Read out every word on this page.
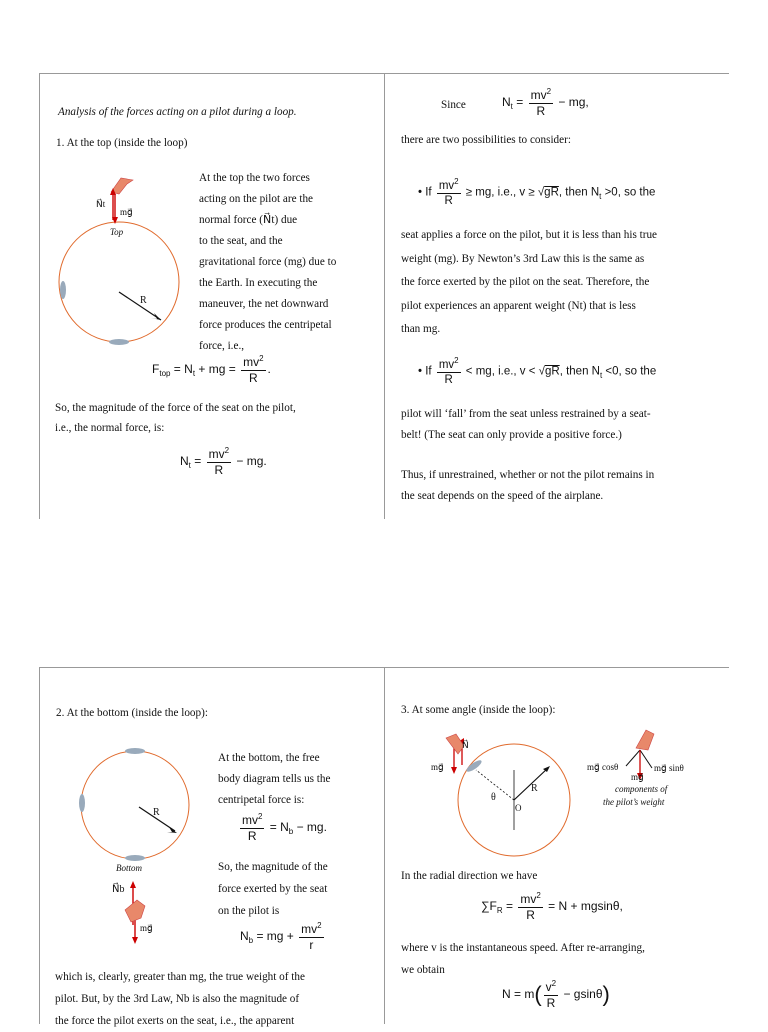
Analysis of the forces acting on a pilot during a loop.
1. At the top (inside the loop)
At the top the two forces
acting on the pilot are the
normal force (N⃗t) due
to the seat, and the
gravitational force (mg) due to
the Earth. In executing the
maneuver, the net downward
force produces the centripetal
force, i.e.,
N⃗t
mg⃗
Top
R
$F_{top} = N_t$ + mg = $\frac{mv^2}{R}$ .
So, the magnitude of the force of the seat on the pilot,
i.e., the normal force, is:
$N_t = \frac{mv^2}{R}$ − mg.
Since	$N_t = \frac{mv^2}{R}$ − mg,
there are two possibilities to consider:
• If $\frac{mv^2}{R}$ ≥ mg, i.e., v ≥ √gR, then $N_t >0$, so the
seat applies a force on the pilot, but it is less than his true
weight (mg). By Newton’s 3rd Law this is the same as
the force exerted by the pilot on the seat. Therefore, the
pilot experiences an apparent weight (Nt) that is less
than mg.
• If $\frac{mv^2}{R}$ < mg, i.e., v < √gR, then $N_t <0$, so the
pilot will ‘fall’ from the seat unless restrained by a seat-
belt! (The seat can only provide a positive force.)
Thus, if unrestrained, whether or not the pilot remains in
the seat depends on the speed of the airplane.
2. At the bottom (inside the loop):
Bottom
N⃗b
mg⃗
R
At the bottom, the free
body diagram tells us the
centripetal force is:
$\frac{mv^2}{R} = N_b$ − mg.
So, the magnitude of the
force exerted by the seat
on the pilot is
$N_b$ = mg + $\frac{mv^2}{r}$
which is, clearly, greater than mg, the true weight of the
pilot. But, by the 3rd Law, Nb is also the magnitude of
the force the pilot exerts on the seat, i.e., the apparent
3. At some angle (inside the loop):
N⃗
mg⃗
θ
O
R
mg⃗ cosθ	mg⃗ sinθ
mg⃗
components of
the pilot’s weight
In the radial direction we have
$\sum F_R = \frac{mv^2}{R} = N + mgsin\theta$,
where v is the instantaneous speed. After re-arranging,
we obtain
$N = m( \frac{v^2}{R} - gsin\theta)$
